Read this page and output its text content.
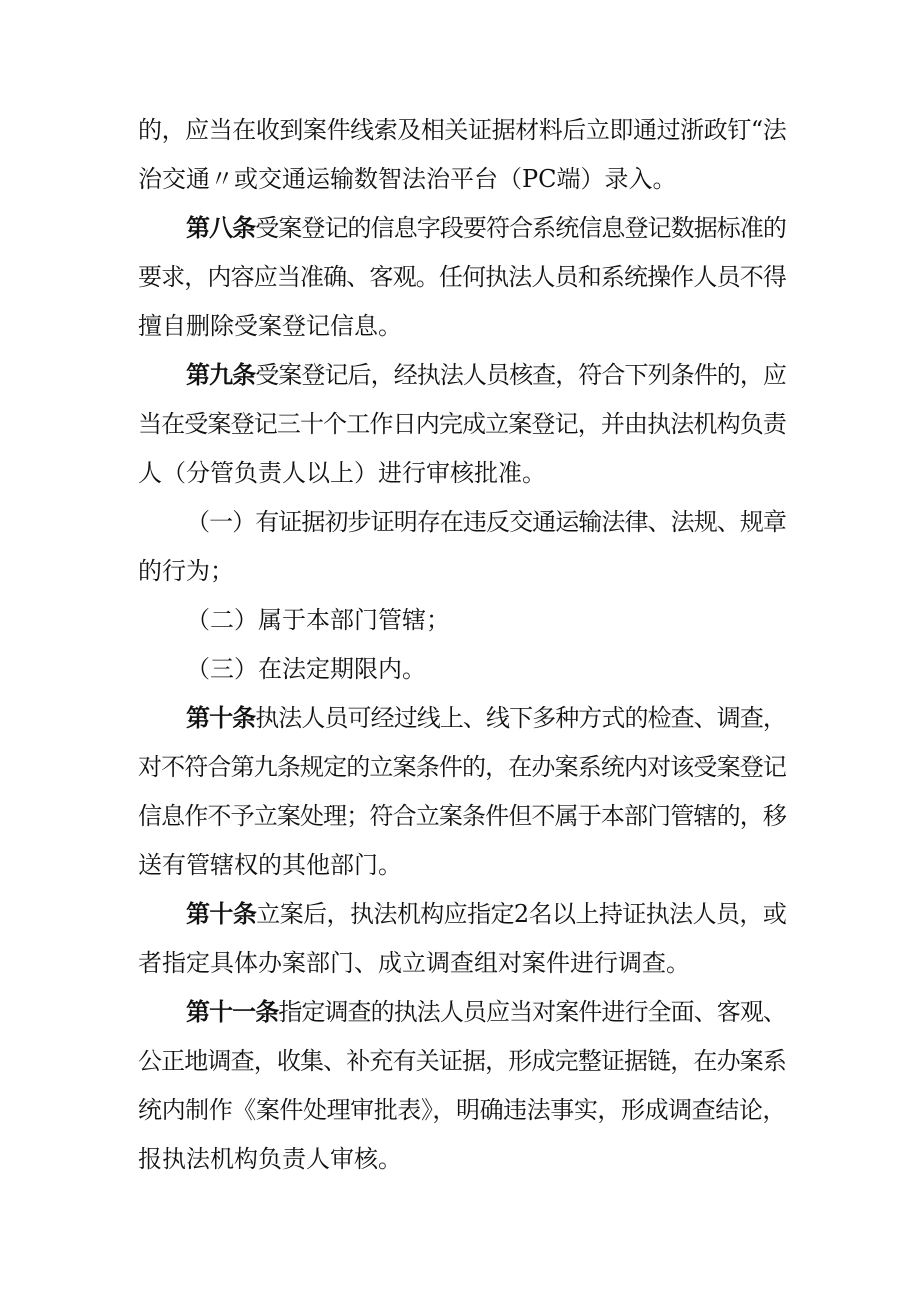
的，应当在收到案件线索及相关证据材料后立即通过浙政钉“法
治交通〃或交通运输数智法治平台（PC端）录入。
第八条受案登记的信息字段要符合系统信息登记数据标准的
要求，内容应当准确、客观。任何执法人员和系统操作人员不得
擅自删除受案登记信息。
第九条受案登记后，经执法人员核查，符合下列条件的，应
当在受案登记三十个工作日内完成立案登记，并由执法机构负责
人（分管负责人以上）进行审核批准。
（一）有证据初步证明存在违反交通运输法律、法规、规章
的行为；
（二）属于本部门管辖；
（三）在法定期限内。
第十条执法人员可经过线上、线下多种方式的检查、调查，
对不符合第九条规定的立案条件的，在办案系统内对该受案登记
信息作不予立案处理；符合立案条件但不属于本部门管辖的，移
送有管辖权的其他部门。
第十条立案后，执法机构应指定2名以上持证执法人员，或
者指定具体办案部门、成立调查组对案件进行调查。
第十一条指定调查的执法人员应当对案件进行全面、客观、
公正地调查，收集、补充有关证据，形成完整证据链，在办案系
统内制作《案件处理审批表》，明确违法事实，形成调查结论，
报执法机构负责人审核。
